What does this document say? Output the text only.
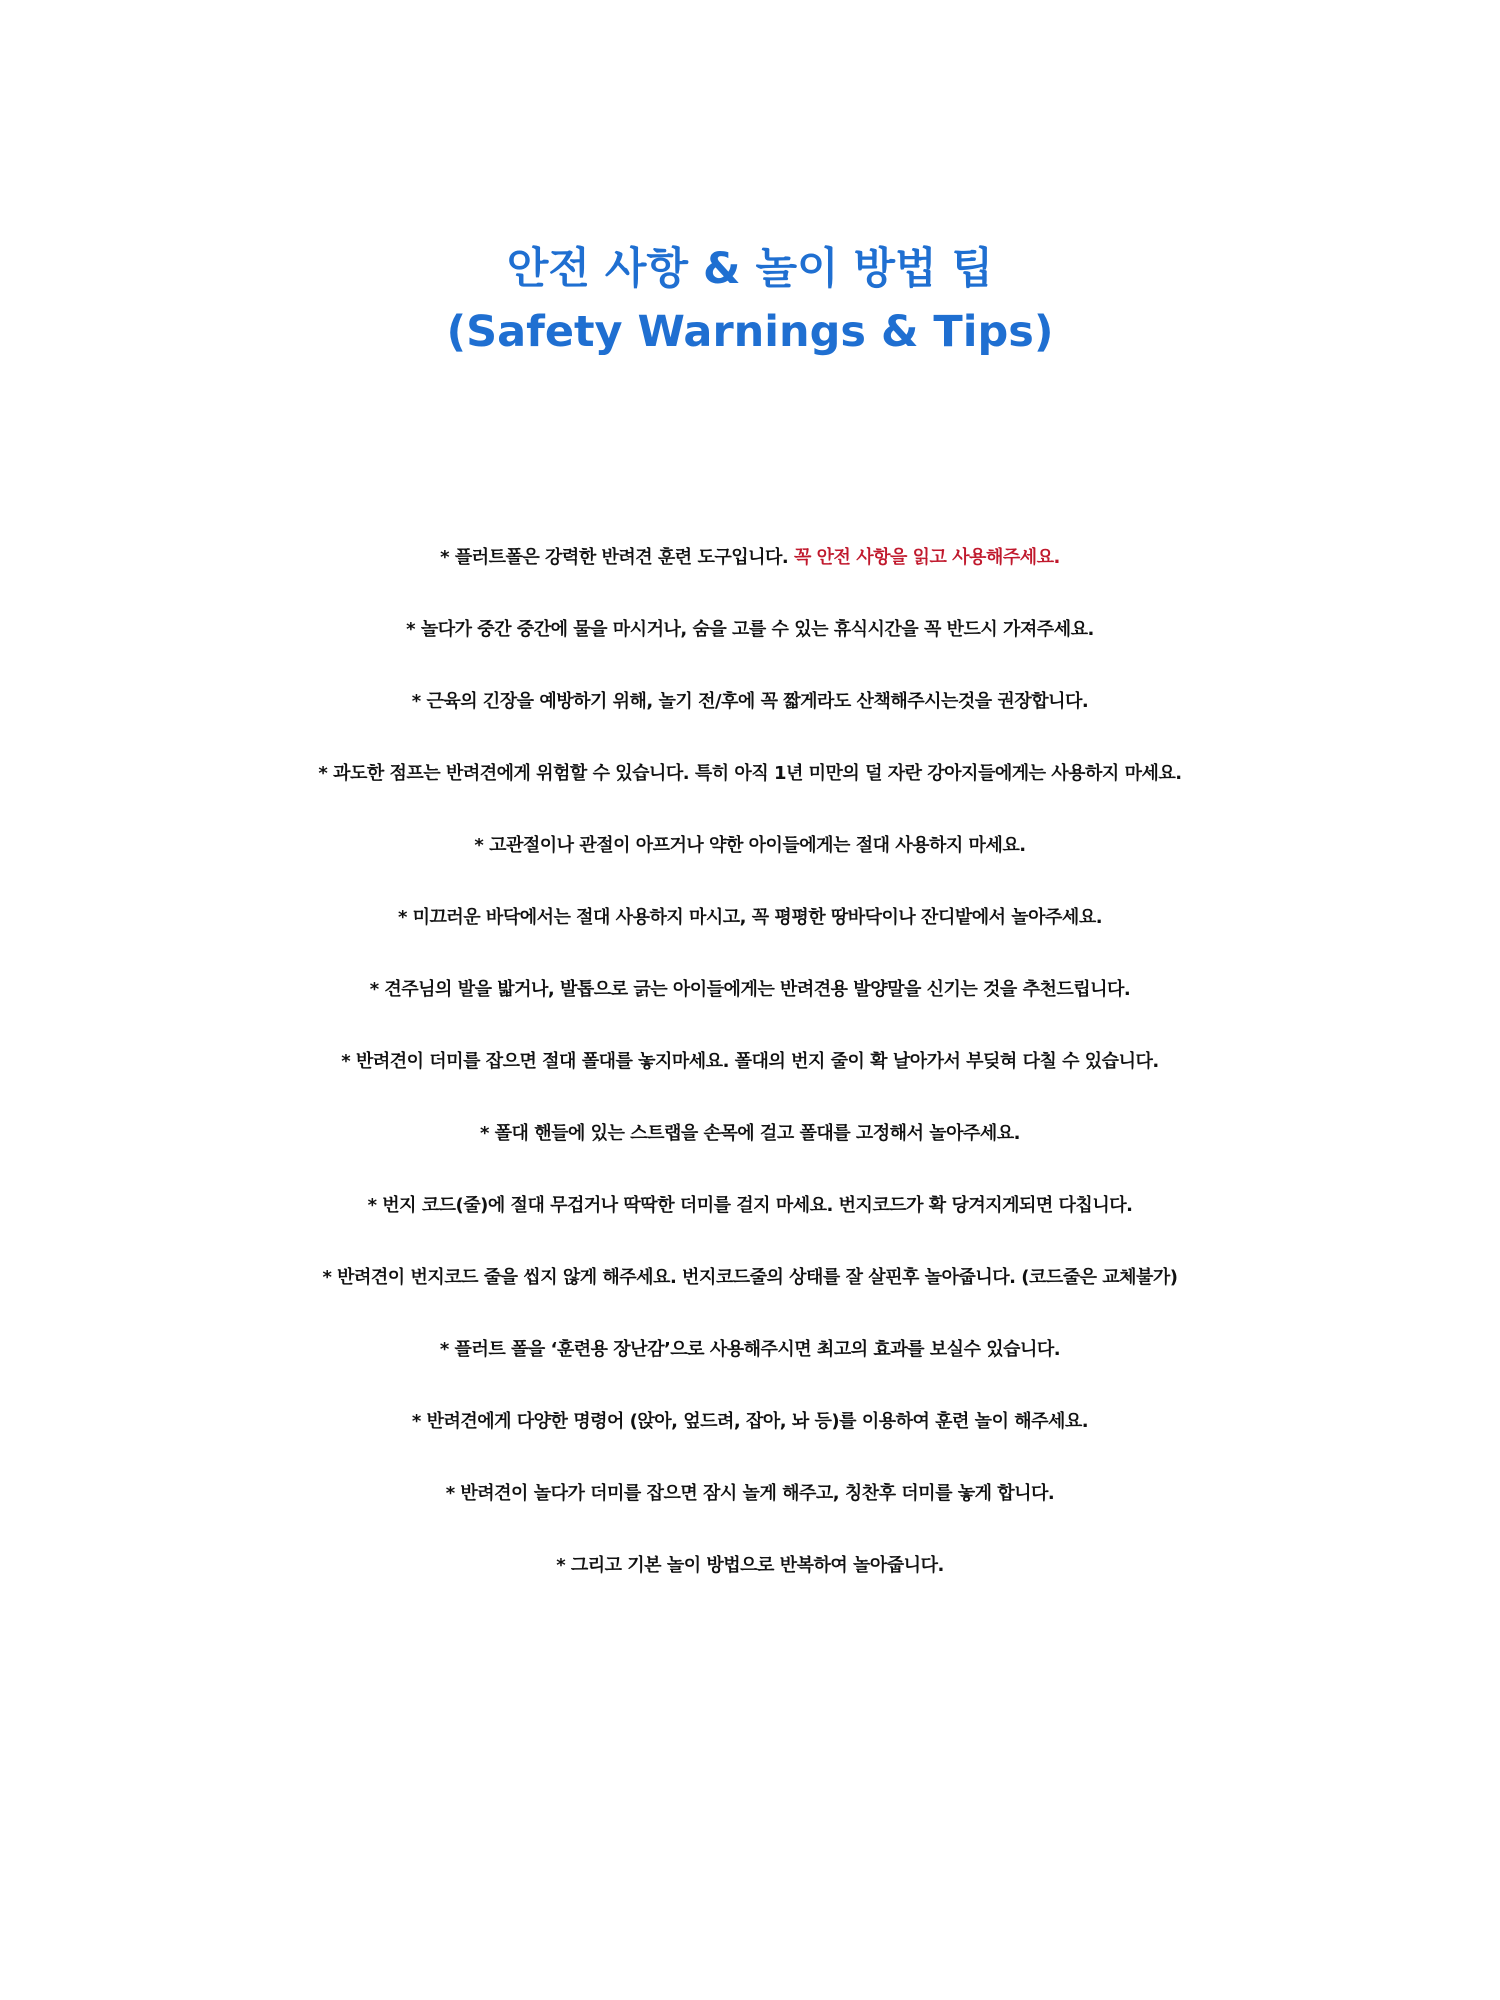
안전 사항 & 놀이 방법 팁
(Safety Warnings & Tips)
* 플러트폴은 강력한 반려견 훈련 도구입니다. 꼭 안전 사항을 읽고 사용해주세요.
* 놀다가 중간 중간에 물을 마시거나, 숨을 고를 수 있는 휴식시간을 꼭 반드시 가져주세요.
* 근육의 긴장을 예방하기 위해, 놀기 전/후에 꼭 짧게라도 산책해주시는것을 권장합니다.
* 과도한 점프는 반려견에게 위험할 수 있습니다. 특히 아직 1년 미만의 덜 자란 강아지들에게는 사용하지 마세요.
* 고관절이나 관절이 아프거나 약한 아이들에게는 절대 사용하지 마세요.
* 미끄러운 바닥에서는 절대 사용하지 마시고, 꼭 평평한 땅바닥이나 잔디밭에서 놀아주세요.
* 견주님의 발을 밟거나, 발톱으로 긁는 아이들에게는 반려견용 발양말을 신기는 것을 추천드립니다.
* 반려견이 더미를 잡으면 절대 폴대를 놓지마세요. 폴대의 번지 줄이 확 날아가서 부딪혀 다칠 수 있습니다.
* 폴대 핸들에 있는 스트랩을 손목에 걸고 폴대를 고정해서 놀아주세요.
* 번지 코드(줄)에 절대 무겁거나 딱딱한 더미를 걸지 마세요. 번지코드가 확 당겨지게되면 다칩니다.
* 반려견이 번지코드 줄을 씹지 않게 해주세요. 번지코드줄의 상태를 잘 살핀후 놀아줍니다. (코드줄은 교체불가)
* 플러트 폴을 ‘훈련용 장난감’으로 사용해주시면 최고의 효과를 보실수 있습니다.
* 반려견에게 다양한 명령어 (앉아, 엎드려, 잡아, 놔 등)를 이용하여 훈련 놀이 해주세요.
* 반려견이 놀다가 더미를 잡으면 잠시 놀게 해주고, 칭찬후 더미를 놓게 합니다.
* 그리고 기본 놀이 방법으로 반복하여 놀아줍니다.
